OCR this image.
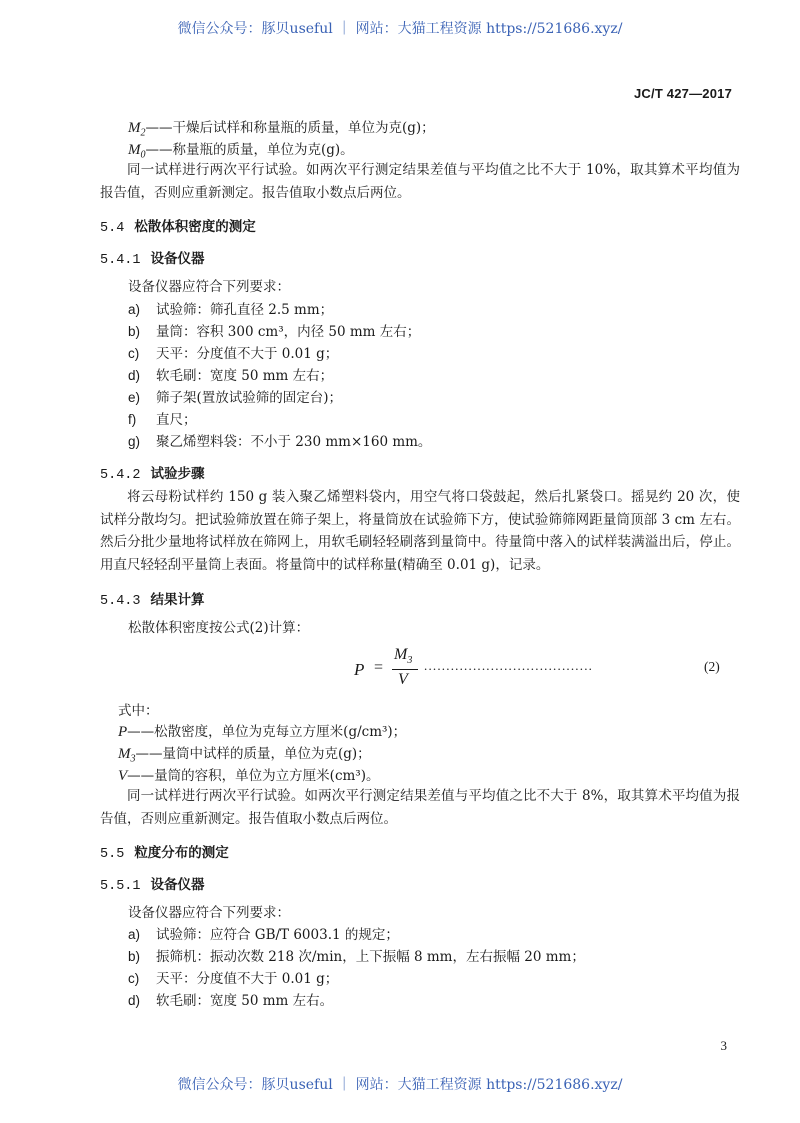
微信公众号：豚贝useful ｜ 网站：大猫工程资源 https://521686.xyz/
微信公众号：豚贝useful ｜ 网站：大猫工程资源 https://521686.xyz/
JC/T 427—2017
$M_2——$干燥后试样和称量瓶的质量，单位为克(g)；
$M_0——$称量瓶的质量，单位为克(g)。
同一试样进行两次平行试验。如两次平行测定结果差值与平均值之比不大于 10%，取其算术平均值为报告值，否则应重新测定。报告值取小数点后两位。
5.4 松散体积密度的测定
5.4.1 设备仪器
设备仪器应符合下列要求：
a) 试验筛：筛孔直径 2.5 mm；
b) 量筒：容积 300 cm³，内径 50 mm 左右；
c) 天平：分度值不大于 0.01 g；
d) 软毛刷：宽度 50 mm 左右；
e) 筛子架(置放试验筛的固定台)；
f) 直尺；
g) 聚乙烯塑料袋：不小于 230 mm×160 mm。
5.4.2 试验步骤
将云母粉试样约 150 g 装入聚乙烯塑料袋内，用空气将口袋鼓起，然后扎紧袋口。摇晃约 20 次，使试样分散均匀。把试验筛放置在筛子架上，将量筒放在试验筛下方，使试验筛筛网距量筒顶部 3 cm 左右。然后分批少量地将试样放在筛网上，用软毛刷轻轻刷落到量筒中。待量筒中落入的试样装满溢出后，停止。用直尺轻轻刮平量筒上表面。将量筒中的试样称量(精确至 0.01 g)，记录。
5.4.3 结果计算
松散体积密度按公式(2)计算：
P =
$M_3$
V
......................................	(2)
式中：
P——松散密度，单位为克每立方厘米(g/cm³)；
$M_3——$量筒中试样的质量，单位为克(g)；
V——量筒的容积，单位为立方厘米(cm³)。
同一试样进行两次平行试验。如两次平行测定结果差值与平均值之比不大于 8%，取其算术平均值为报告值，否则应重新测定。报告值取小数点后两位。
5.5 粒度分布的测定
5.5.1 设备仪器
设备仪器应符合下列要求：
a) 试验筛：应符合 GB/T 6003.1 的规定；
b) 振筛机：振动次数 218 次/min，上下振幅 8 mm，左右振幅 20 mm；
c) 天平：分度值不大于 0.01 g；
d) 软毛刷：宽度 50 mm 左右。
3
